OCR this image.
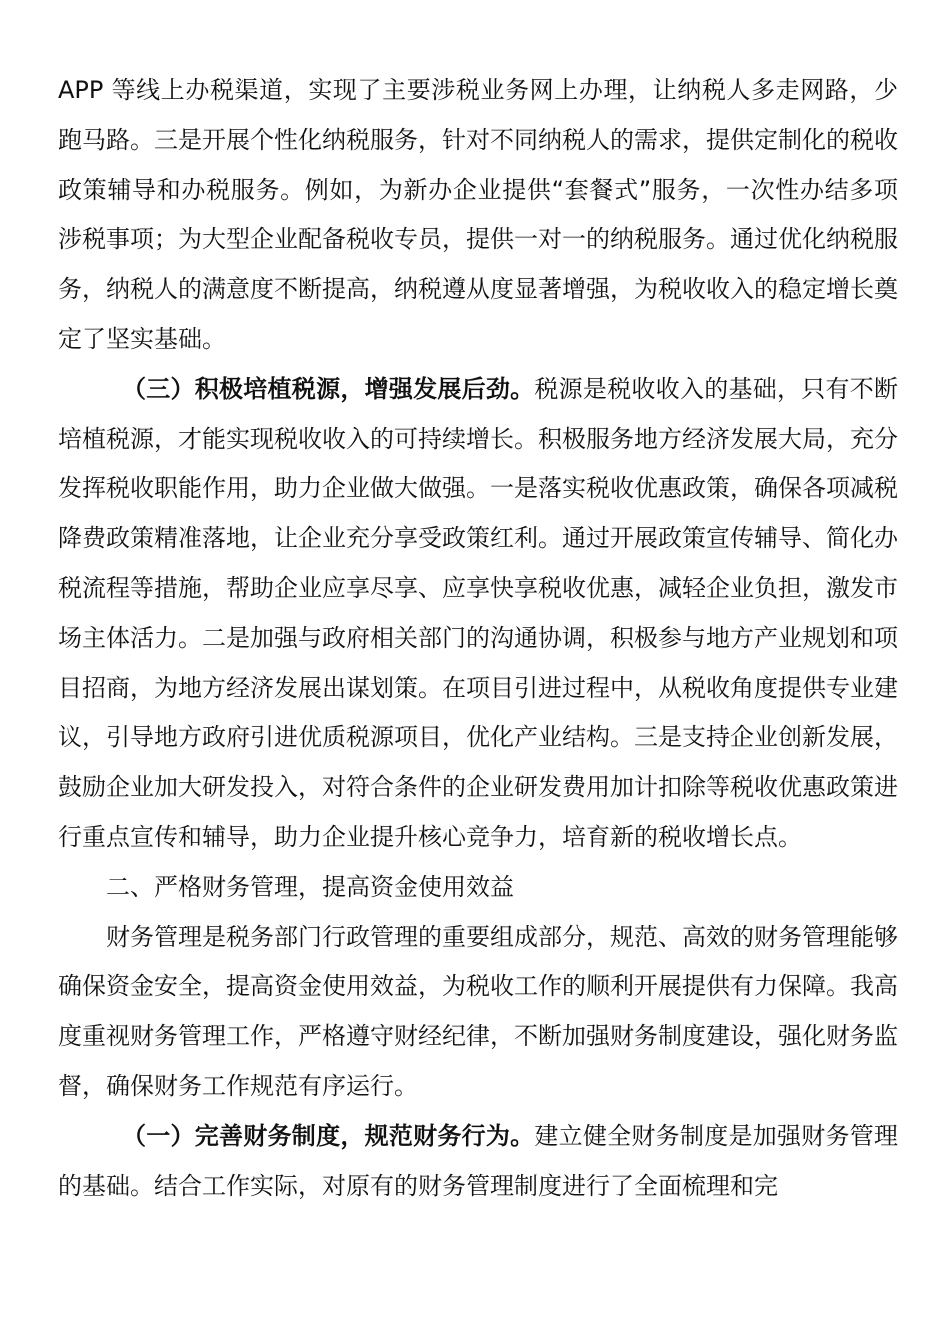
APP 等线上办税渠道，实现了主要涉税业务网上办理，让纳税人多走网路，少跑马路。三是开展个性化纳税服务，针对不同纳税人的需求，提供定制化的税收政策辅导和办税服务。例如，为新办企业提供“套餐式”服务，一次性办结多项涉税事项；为大型企业配备税收专员，提供一对一的纳税服务。通过优化纳税服务，纳税人的满意度不断提高，纳税遵从度显著增强，为税收收入的稳定增长奠定了坚实基础。

（三）积极培植税源，增强发展后劲。税源是税收收入的基础，只有不断培植税源，才能实现税收收入的可持续增长。积极服务地方经济发展大局，充分发挥税收职能作用，助力企业做大做强。一是落实税收优惠政策，确保各项减税降费政策精准落地，让企业充分享受政策红利。通过开展政策宣传辅导、简化办税流程等措施，帮助企业应享尽享、应享快享税收优惠，减轻企业负担，激发市场主体活力。二是加强与政府相关部门的沟通协调，积极参与地方产业规划和项目招商，为地方经济发展出谋划策。在项目引进过程中，从税收角度提供专业建议，引导地方政府引进优质税源项目，优化产业结构。三是支持企业创新发展，鼓励企业加大研发投入，对符合条件的企业研发费用加计扣除等税收优惠政策进行重点宣传和辅导，助力企业提升核心竞争力，培育新的税收增长点。

二、严格财务管理，提高资金使用效益

财务管理是税务部门行政管理的重要组成部分，规范、高效的财务管理能够确保资金安全，提高资金使用效益，为税收工作的顺利开展提供有力保障。我高度重视财务管理工作，严格遵守财经纪律，不断加强财务制度建设，强化财务监督，确保财务工作规范有序运行。

（一）完善财务制度，规范财务行为。建立健全财务制度是加强财务管理的基础。结合工作实际，对原有的财务管理制度进行了全面梳理和完
